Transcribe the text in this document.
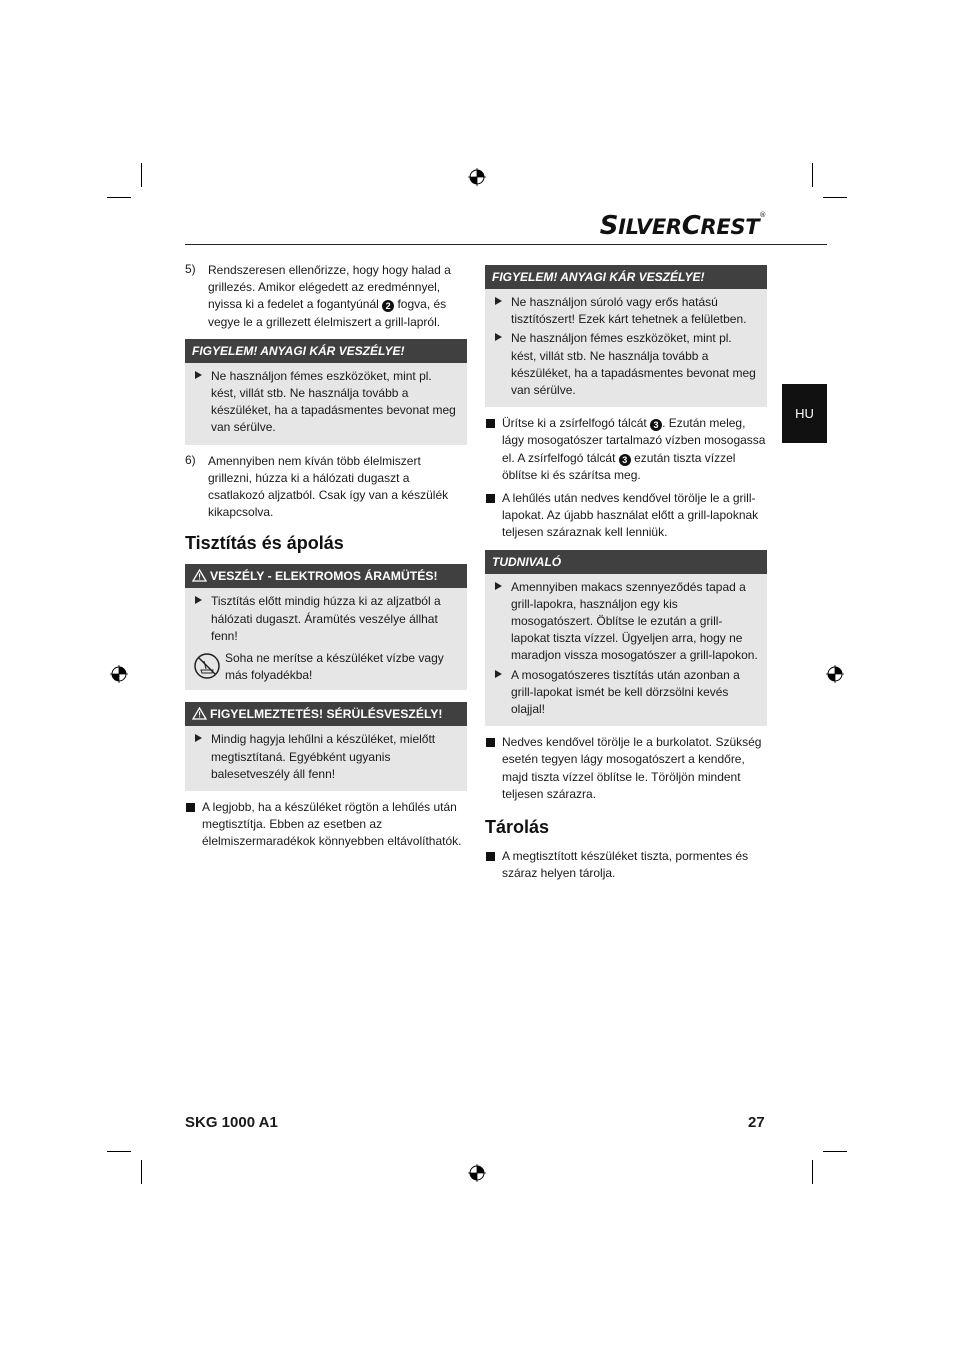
SILVERCREST®
HU
5) Rendszeresen ellenőrizze, hogy hogy halad a grillezés. Amikor elégedett az eredménnyel, nyissa ki a fedelet a fogantyúnál 2 fogva, és vegye le a grillezett élelmiszert a grill-lapról.

FIGYELEM! ANYAGI KÁR VESZÉLYE!

Ne használjon fémes eszközöket, mint pl. kést, villát stb. Ne használja tovább a készüléket, ha a tapadásmentes bevonat meg van sérülve.

6) Amennyiben nem kíván több élelmiszert grillezni, húzza ki a hálózati dugaszt a csatlakozó aljzatból. Csak így van a készülék kikapcsolva.

Tisztítás és ápolás
VESZÉLY - ELEKTROMOS ÁRAMÜTÉS!

Tisztítás előtt mindig húzza ki az aljzatból a hálózati dugaszt. Áramütés veszélye állhat fenn!

Soha ne merítse a készüléket vízbe vagy más folyadékba!

FIGYELMEZTETÉS! SÉRÜLÉSVESZÉLY!

Mindig hagyja lehűlni a készüléket, mielőtt megtisztítaná. Egyébként ugyanis balesetveszély áll fenn!

A legjobb, ha a készüléket rögtön a lehűlés után megtisztítja. Ebben az esetben az élelmiszermaradékok könnyebben eltávolíthatók.

FIGYELEM! ANYAGI KÁR VESZÉLYE!

Ne használjon súroló vagy erős hatású tisztítószert! Ezek kárt tehetnek a felületben.

Ne használjon fémes eszközöket, mint pl. kést, villát stb. Ne használja tovább a készüléket, ha a tapadásmentes bevonat meg van sérülve.

Ürítse ki a zsírfelfogó tálcát 3 . Ezután meleg, lágy mosogatószer tartalmazó vízben mosogassa el. A zsírfelfogó tálcát 3 ezután tiszta vízzel öblítse ki és szárítsa meg.

A lehűlés után nedves kendővel törölje le a grill-lapokat. Az újabb használat előtt a grill-lapoknak teljesen száraznak kell lenniük.

TUDNIVALÓ

Amennyiben makacs szennyeződés tapad a grill-lapokra, használjon egy kis mosogatószert. Öblítse le ezután a grill-lapokat tiszta vízzel. Ügyeljen arra, hogy ne maradjon vissza mosogatószer a grill-lapokon.

A mosogatószeres tisztítás után azonban a grill-lapokat ismét be kell dörzsölni kevés olajjal!

Nedves kendővel törölje le a burkolatot. Szükség esetén tegyen lágy mosogatószert a kendőre, majd tiszta vízzel öblítse le. Töröljön mindent teljesen szárazra.

Tárolás

A megtisztított készüléket tiszta, pormentes és száraz helyen tárolja.

SKG 1000 A1	27
